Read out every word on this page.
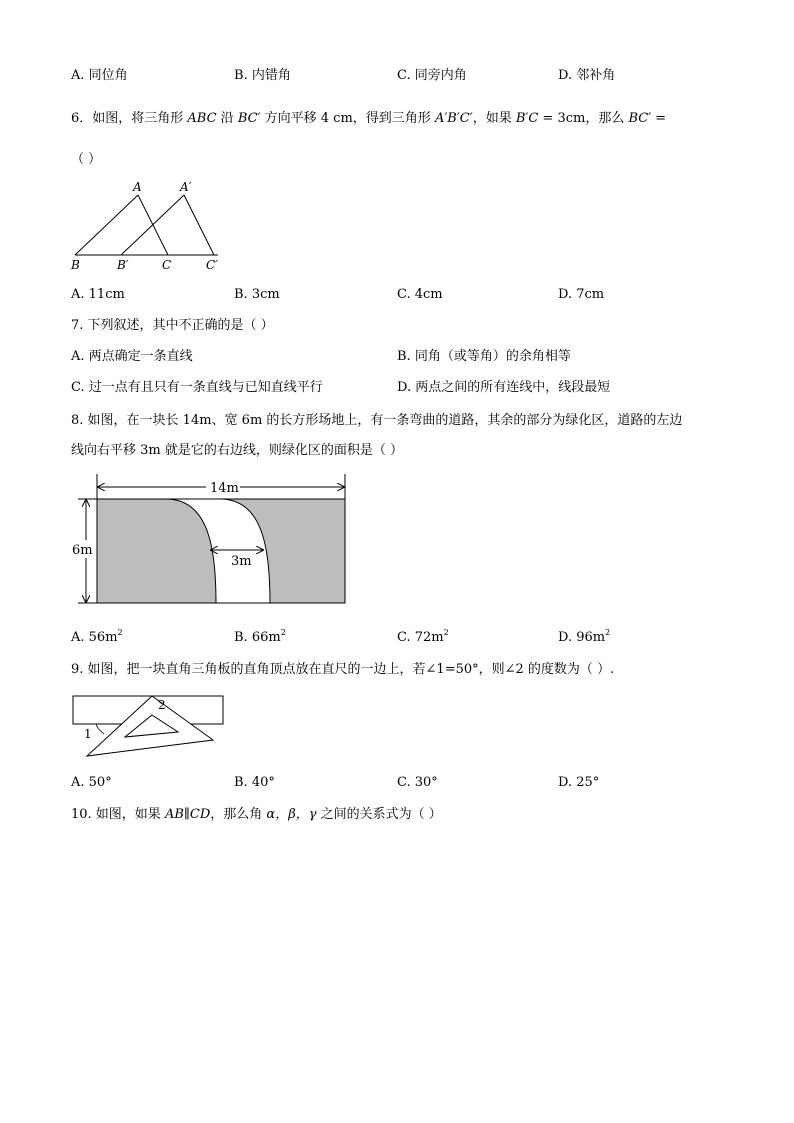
A. 同位角	B. 内错角	C. 同旁内角	D. 邻补角
6．如图，将三角形 ABC 沿 BC′ 方向平移 4 cm，得到三角形 A′B′C′，如果 B′C = 3cm，那么 BC′ =
（ ）
A	A′
B	B′	C	C′
A. 11cm	B. 3cm	C. 4cm	D. 7cm
7. 下列叙述，其中不正确的是（ ）
A. 两点确定一条直线	B. 同角（或等角）的余角相等
C. 过一点有且只有一条直线与已知直线平行	D. 两点之间的所有连线中，线段最短
8. 如图，在一块长 14m、宽 6m 的长方形场地上，有一条弯曲的道路，其余的部分为绿化区，道路的左边
线向右平移 3m 就是它的右边线，则绿化区的面积是（ ）
14m
6m
3m
A. $56m^2$	B. $66m^2$	C. $72m^2$	D. $96m^2$
9. 如图，把一块直角三角板的直角顶点放在直尺的一边上，若∠1=50°，则∠2 的度数为（ ）.
1
2
A. 50°	B. 40°	C. 30°	D. 25°
10. 如图，如果 AB∥CD，那么角 α，β，γ 之间的关系式为（ ）
